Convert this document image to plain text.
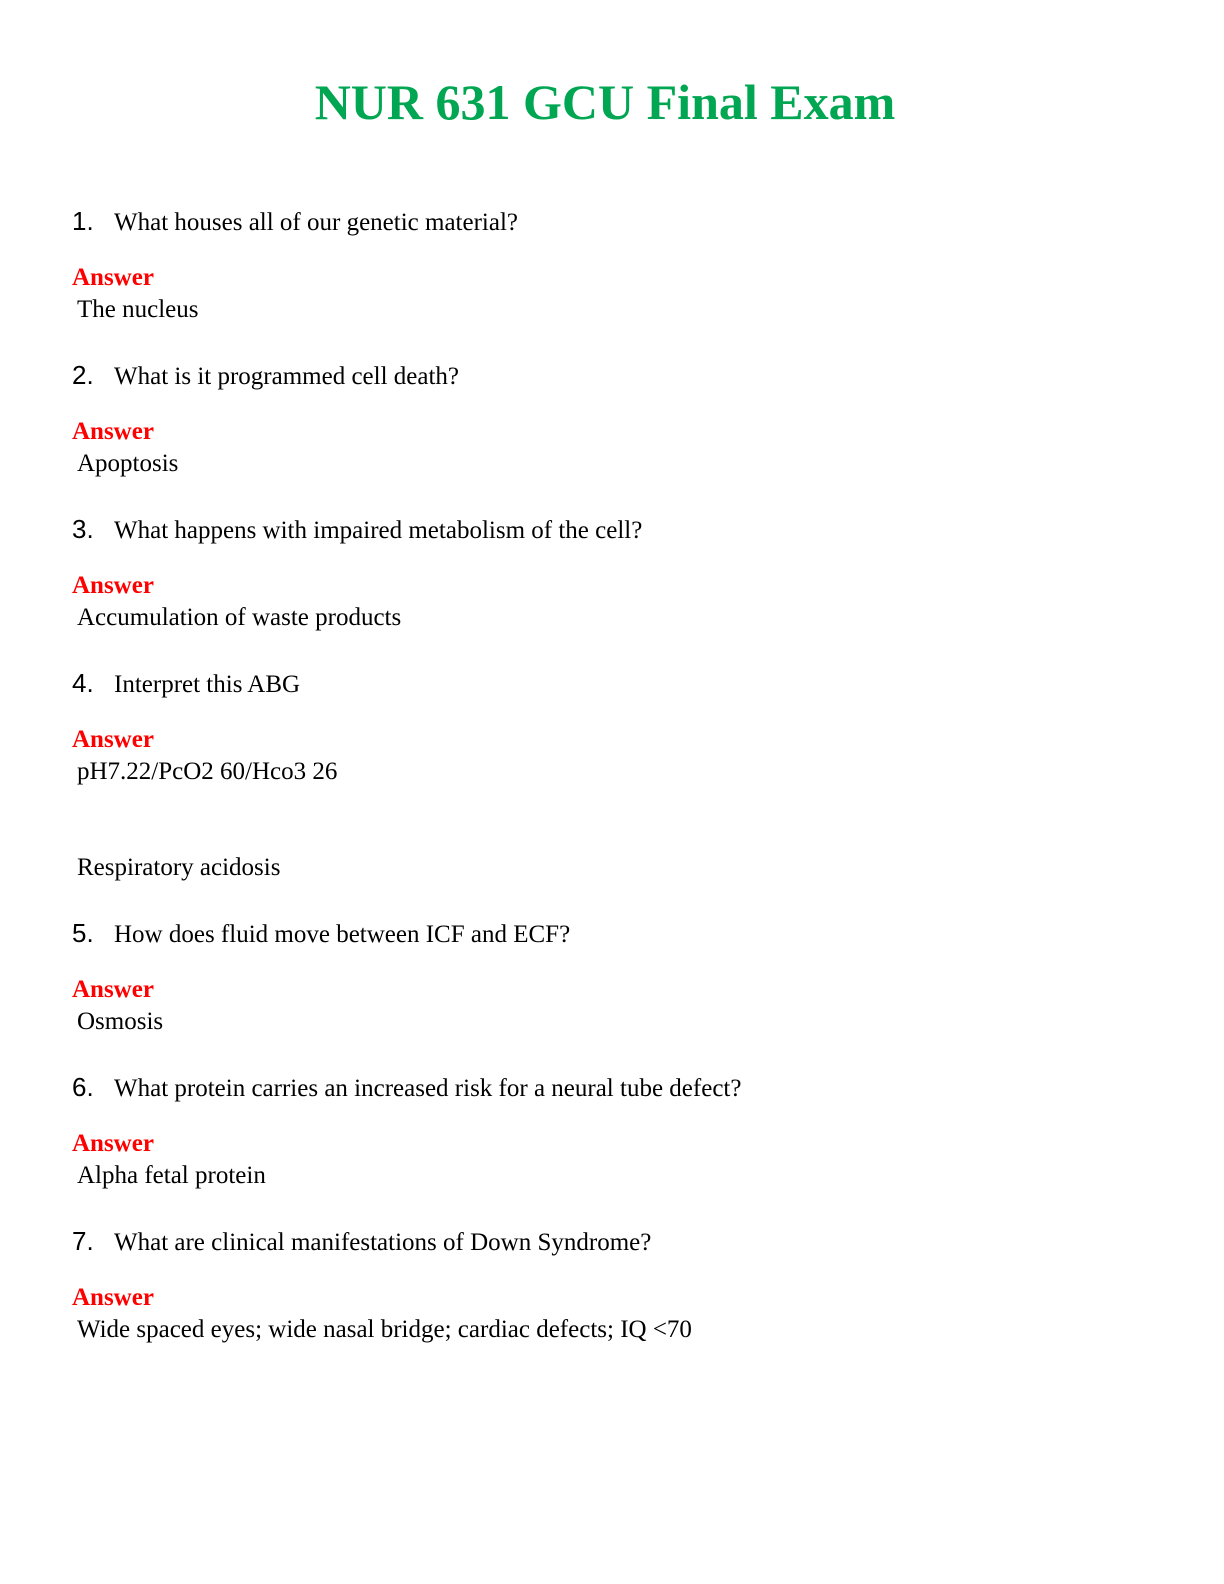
NUR 631 GCU Final Exam
1. What houses all of our genetic material?
Answer
The nucleus
2. What is it programmed cell death?
Answer
Apoptosis
3. What happens with impaired metabolism of the cell?
Answer
Accumulation of waste products
4. Interpret this ABG
Answer
pH7.22/PcO2 60/Hco3 26
Respiratory acidosis
5. How does fluid move between ICF and ECF?
Answer
Osmosis
6. What protein carries an increased risk for a neural tube defect?
Answer
Alpha fetal protein
7. What are clinical manifestations of Down Syndrome?
Answer
Wide spaced eyes; wide nasal bridge; cardiac defects; IQ <70
